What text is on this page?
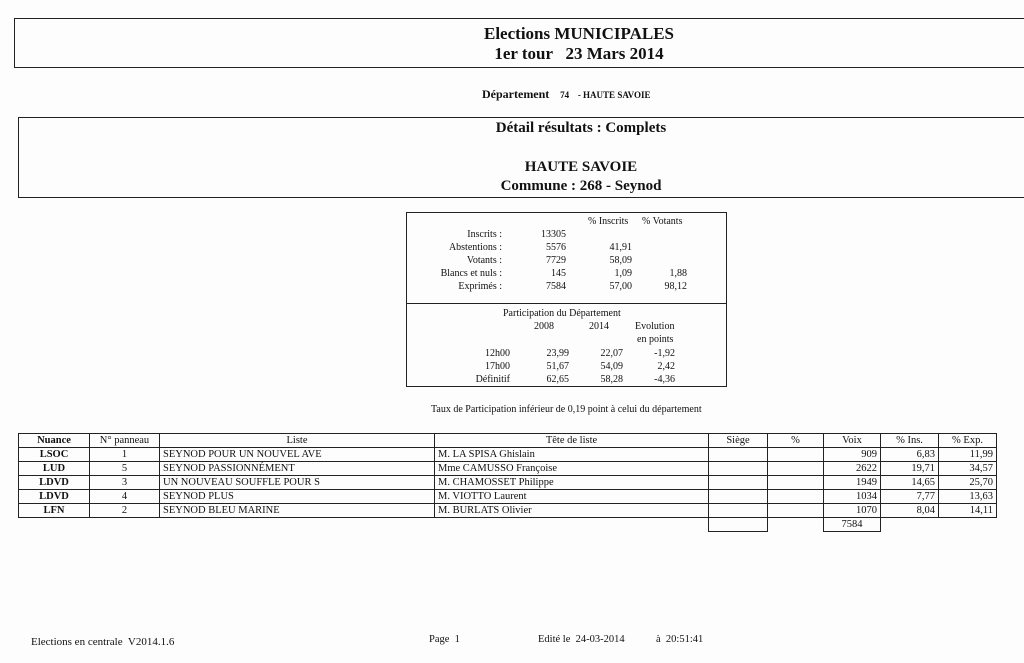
Elections MUNICIPALES
1er tour   23 Mars 2014
Département 74 - HAUTE SAVOIE
Détail résultats : Complets
HAUTE SAVOIE
Commune : 268 - Seynod
% Inscrits % Votants
Inscrits :	13305
Abstentions :	5576	41,91
Votants :	7729	58,09
Blancs et nuls :	145	1,09	1,88
Exprimés :	7584	57,00	98,12
Participation du Département
2008	2014	Evolution
en points
12h00	23,99	22,07	-1,92
17h00	51,67	54,09	2,42
Définitif	62,65	58,28	-4,36
Taux de Participation inférieur de 0,19 point à celui du département
Nuance	N° panneau	Liste	Tête de liste	Siège	%	Voix	% Ins.	% Exp.
LSOC	1	SEYNOD POUR UN NOUVEL AVE	M. LA SPISA Ghislain			909	6,83	11,99
LUD	5	SEYNOD PASSIONNÉMENT	Mme CAMUSSO Françoise			2622	19,71	34,57
LDVD	3	UN NOUVEAU SOUFFLE POUR S	M. CHAMOSSET Philippe			1949	14,65	25,70
LDVD	4	SEYNOD PLUS	M. VIOTTO Laurent			1034	7,77	13,63
LFN	2	SEYNOD BLEU MARINE	M. BURLATS Olivier			1070	8,04	14,11
						7584		
Elections en centrale  V2014.1.6	Page  1	Edité le  24-03-2014	à  20:51:41
